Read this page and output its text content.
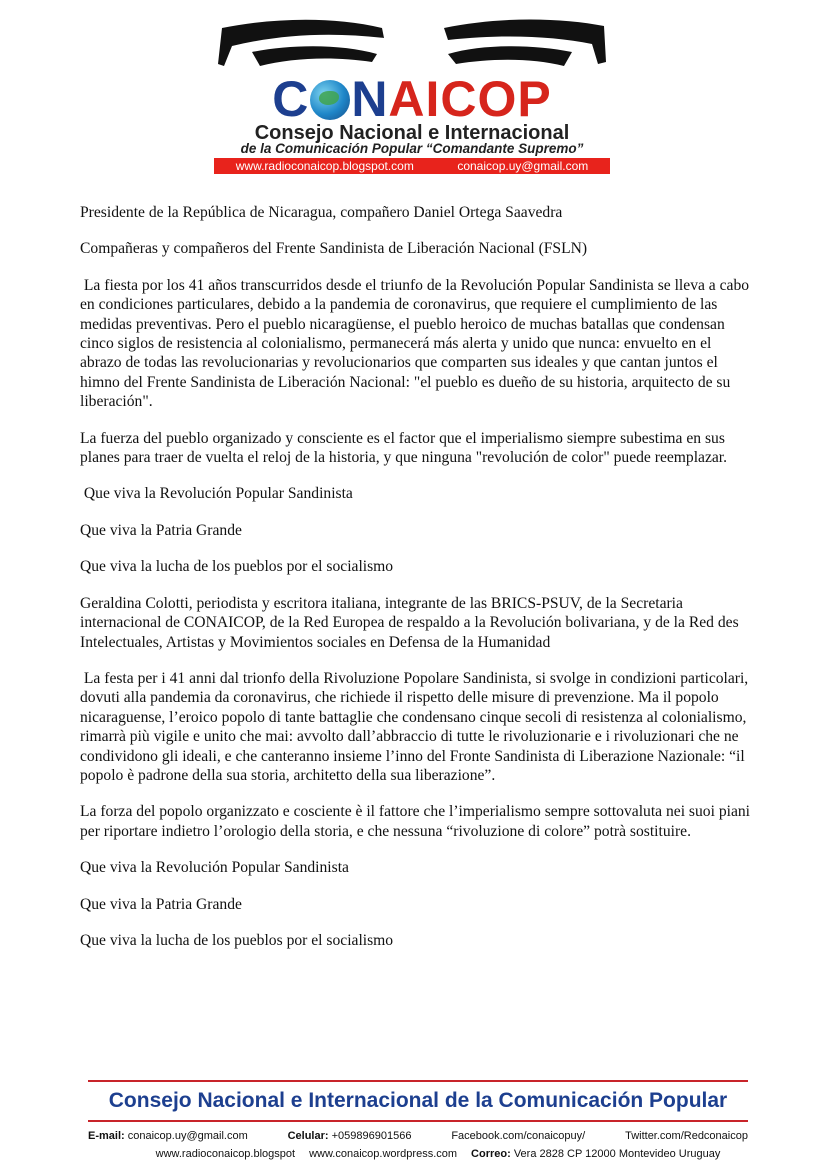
C NAICOP
Consejo Nacional e Internacional
de la Comunicación Popular “Comandante Supremo”
www.radioconaicop.blogspot.com	conaicop.uy@gmail.com

Presidente de la República de Nicaragua, compañero Daniel Ortega Saavedra

Compañeras y compañeros del Frente Sandinista de Liberación Nacional (FSLN)

La fiesta por los 41 años transcurridos desde el triunfo de la Revolución Popular Sandinista se lleva a cabo en condiciones particulares, debido a la pandemia de coronavirus, que requiere el cumplimiento de las medidas preventivas. Pero el pueblo nicaragüense, el pueblo heroico de muchas batallas que condensan cinco siglos de resistencia al colonialismo, permanecerá más alerta y unido que nunca: envuelto en el abrazo de todas las revolucionarias y revolucionarios que comparten sus ideales y que cantan juntos el himno del Frente Sandinista de Liberación Nacional: "el pueblo es dueño de su historia, arquitecto de su liberación".

La fuerza del pueblo organizado y consciente es el factor que el imperialismo siempre subestima en sus planes para traer de vuelta el reloj de la historia, y que ninguna "revolución de color" puede reemplazar.

Que viva la Revolución Popular Sandinista

Que viva la Patria Grande

Que viva la lucha de los pueblos por el socialismo

Geraldina Colotti, periodista y escritora italiana, integrante de las BRICS-PSUV, de la Secretaria internacional de CONAICOP, de la Red Europea de respaldo a la Revolución bolivariana, y de la Red des Intelectuales, Artistas y Movimientos sociales en Defensa de la Humanidad

La festa per i 41 anni dal trionfo della Rivoluzione Popolare Sandinista, si svolge in condizioni particolari, dovuti alla pandemia da coronavirus, che richiede il rispetto delle misure di prevenzione. Ma il popolo nicaraguense, l’eroico popolo di tante battaglie che condensano cinque secoli di resistenza al colonialismo, rimarrà più vigile e unito che mai: avvolto dall’abbraccio di tutte le rivoluzionarie e i rivoluzionari che ne condividono gli ideali, e che canteranno insieme l’inno del Fronte Sandinista di Liberazione Nazionale: “il popolo è padrone della sua storia, architetto della sua liberazione”.

La forza del popolo organizzato e cosciente è il fattore che l’imperialismo sempre sottovaluta nei suoi piani per riportare indietro l’orologio della storia, e che nessuna “rivoluzione di colore” potrà sostituire.

Que viva la Revolución Popular Sandinista

Que viva la Patria Grande

Que viva la lucha de los pueblos por el socialismo

Consejo Nacional e Internacional de la Comunicación Popular
E-mail: conaicop.uy@gmail.com	Celular: +059896901566	Facebook.com/conaicopuy/	Twitter.com/Redconaicop
www.radioconaicop.blogspot www.conaicop.wordpress.com Correo: Vera 2828 CP 12000 Montevideo Uruguay
